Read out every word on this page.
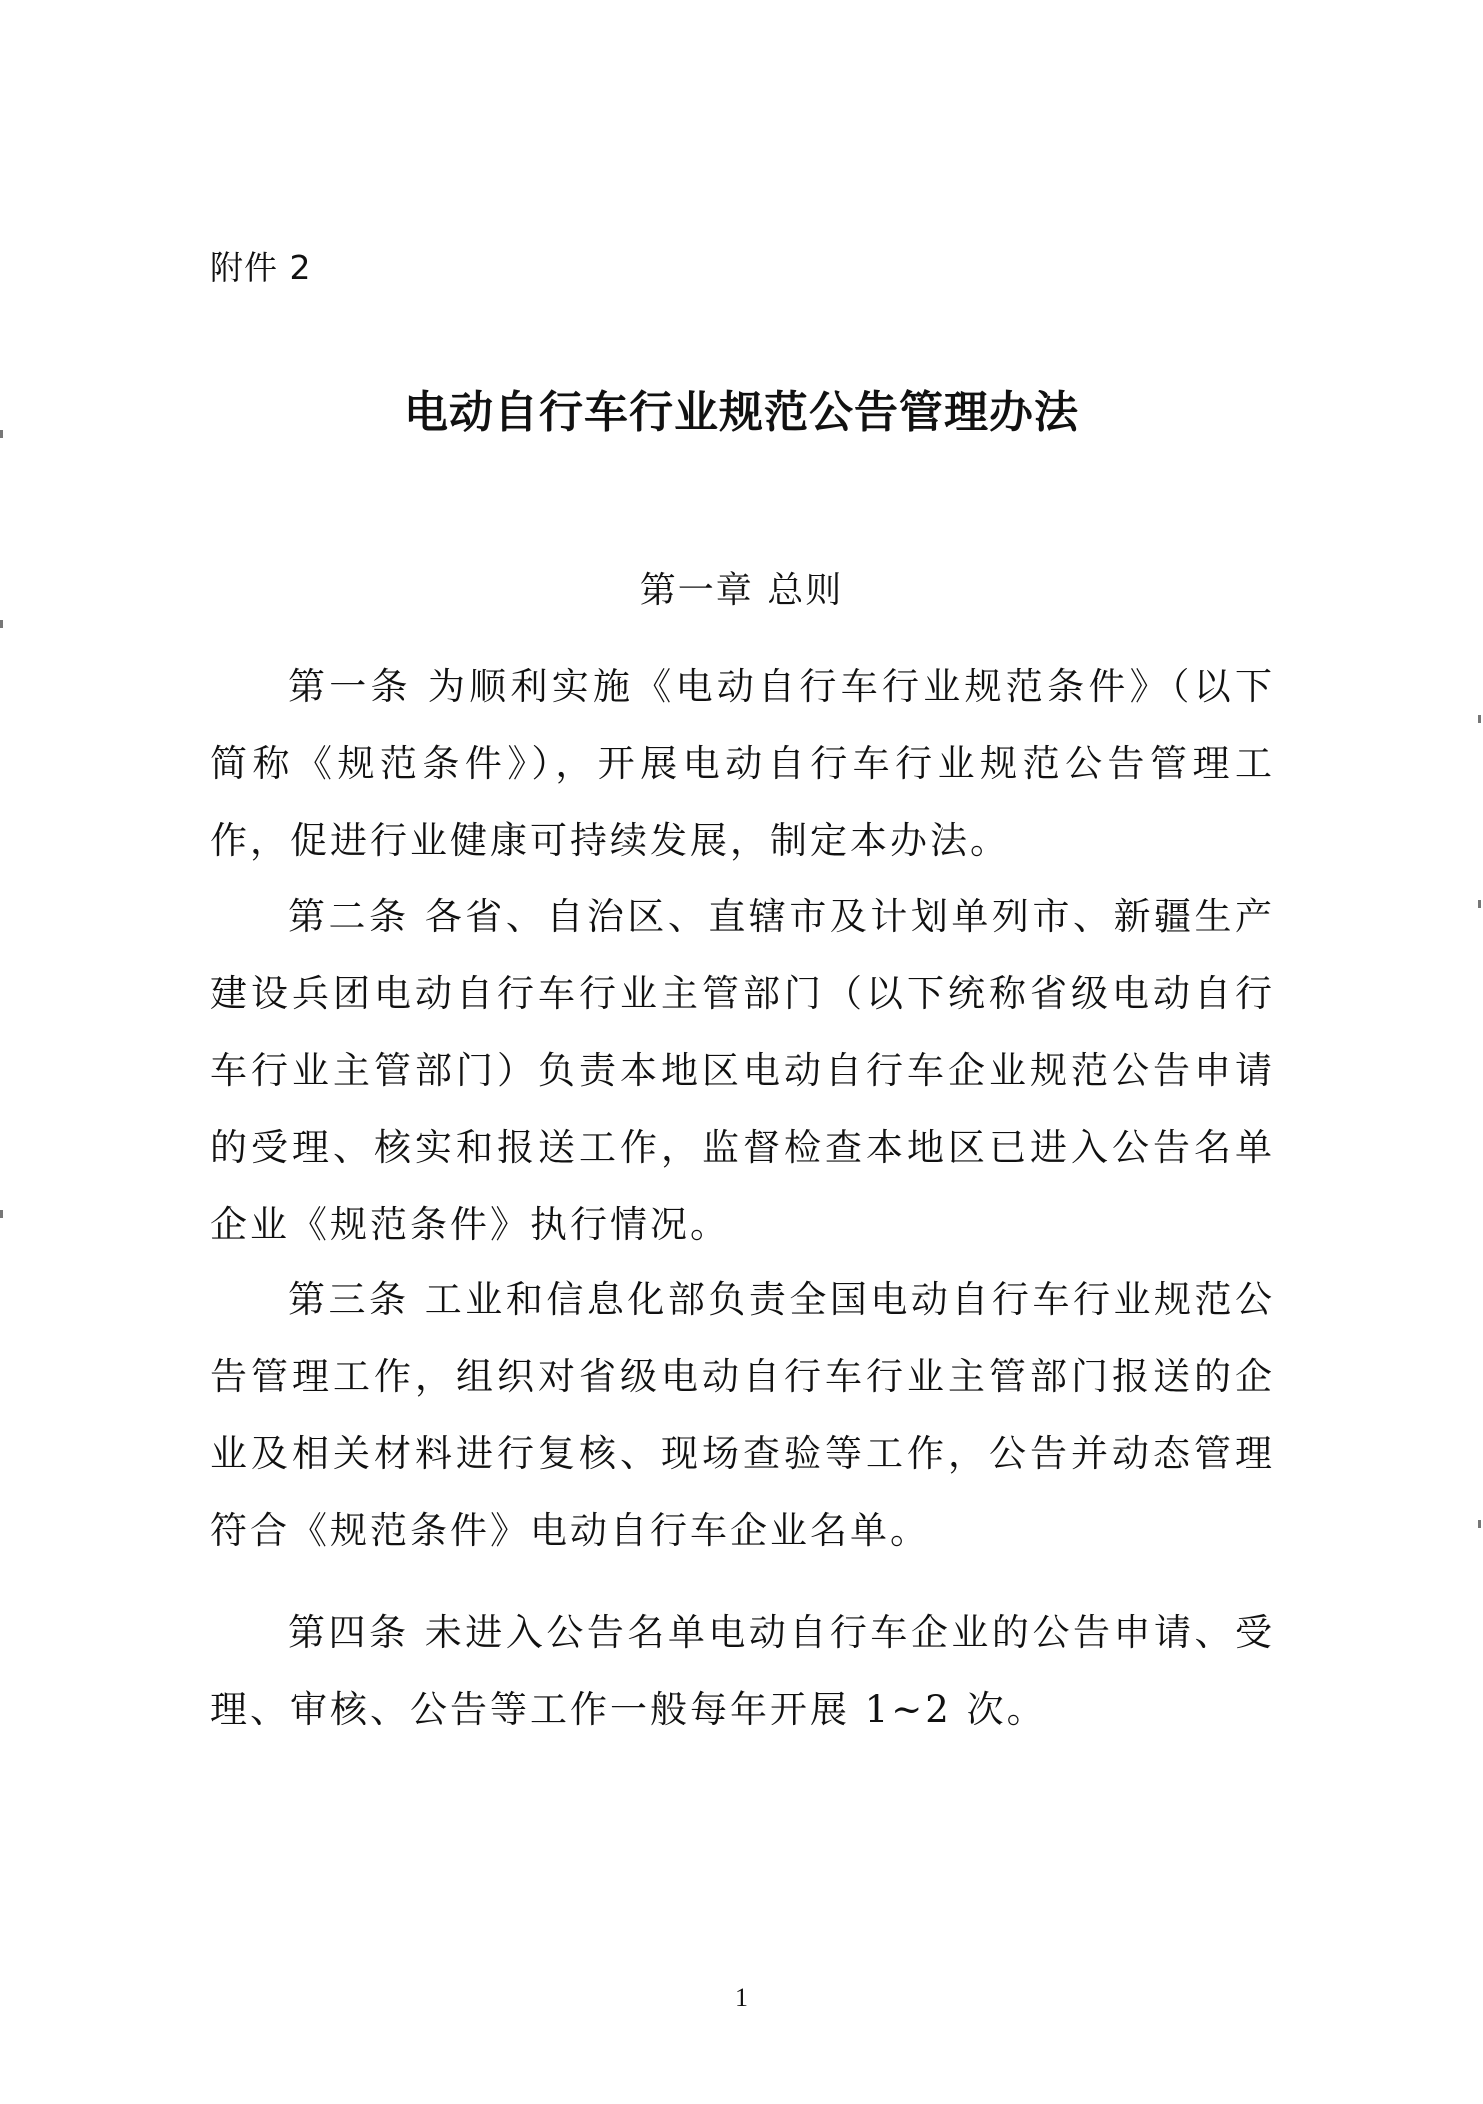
附件 2
电动自行车行业规范公告管理办法
第一章 总则

第一条 为顺利实施《电动自行车行业规范条件》（以下简称《规范条件》），开展电动自行车行业规范公告管理工作，促进行业健康可持续发展，制定本办法。

第二条 各省、自治区、直辖市及计划单列市、新疆生产建设兵团电动自行车行业主管部门（以下统称省级电动自行车行业主管部门）负责本地区电动自行车企业规范公告申请的受理、核实和报送工作，监督检查本地区已进入公告名单企业《规范条件》执行情况。

第三条 工业和信息化部负责全国电动自行车行业规范公告管理工作，组织对省级电动自行车行业主管部门报送的企业及相关材料进行复核、现场查验等工作，公告并动态管理符合《规范条件》电动自行车企业名单。

第四条 未进入公告名单电动自行车企业的公告申请、受理、审核、公告等工作一般每年开展 1~2 次。

1
